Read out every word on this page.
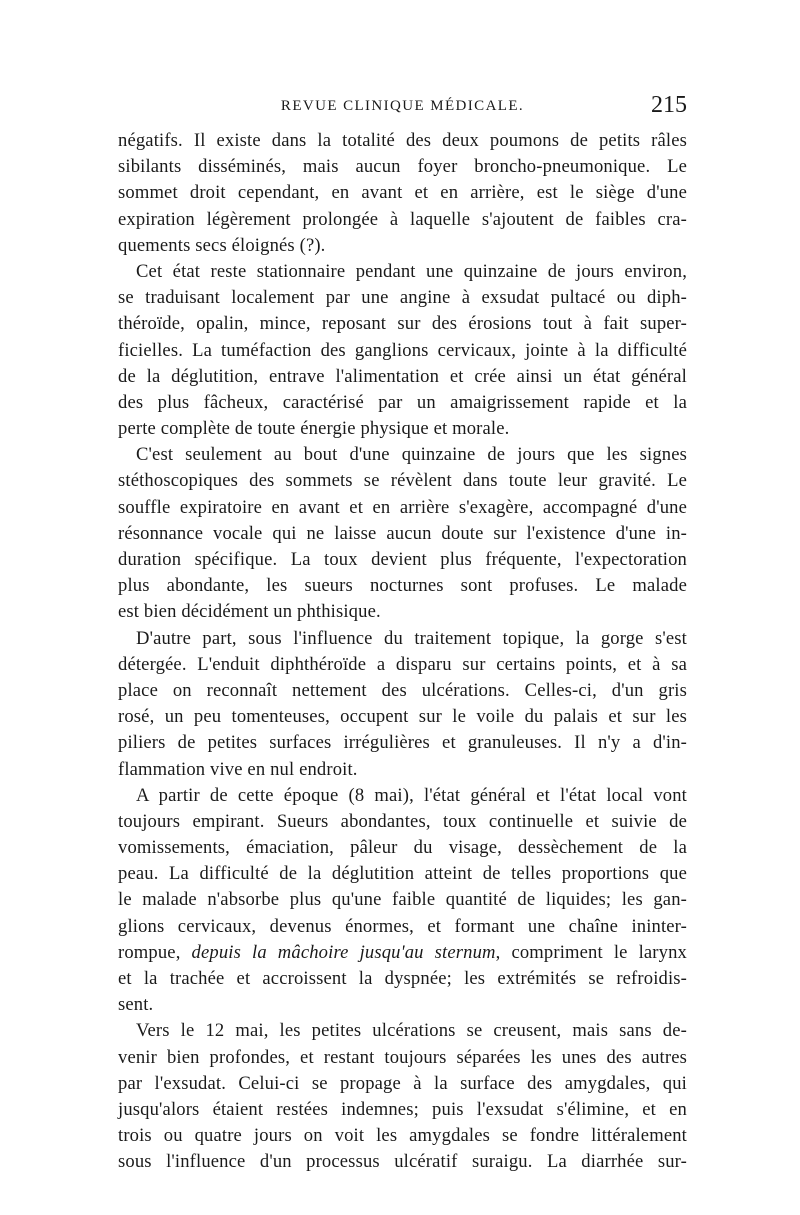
REVUE CLINIQUE MÉDICALE.	215
négatifs. Il existe dans la totalité des deux poumons de petits râles
sibilants disséminés, mais aucun foyer broncho-pneumonique. Le
sommet droit cependant, en avant et en arrière, est le siège d'une
expiration légèrement prolongée à laquelle s'ajoutent de faibles cra-
quements secs éloignés (?).
Cet état reste stationnaire pendant une quinzaine de jours environ,
se traduisant localement par une angine à exsudat pultacé ou diph-
théroïde, opalin, mince, reposant sur des érosions tout à fait super-
ficielles. La tuméfaction des ganglions cervicaux, jointe à la difficulté
de la déglutition, entrave l'alimentation et crée ainsi un état général
des plus fâcheux, caractérisé par un amaigrissement rapide et la
perte complète de toute énergie physique et morale.
C'est seulement au bout d'une quinzaine de jours que les signes
stéthoscopiques des sommets se révèlent dans toute leur gravité. Le
souffle expiratoire en avant et en arrière s'exagère, accompagné d'une
résonnance vocale qui ne laisse aucun doute sur l'existence d'une in-
duration spécifique. La toux devient plus fréquente, l'expectoration
plus abondante, les sueurs nocturnes sont profuses. Le malade
est bien décidément un phthisique.
D'autre part, sous l'influence du traitement topique, la gorge s'est
détergée. L'enduit diphthéroïde a disparu sur certains points, et à sa
place on reconnaît nettement des ulcérations. Celles-ci, d'un gris
rosé, un peu tomenteuses, occupent sur le voile du palais et sur les
piliers de petites surfaces irrégulières et granuleuses. Il n'y a d'in-
flammation vive en nul endroit.
A partir de cette époque (8 mai), l'état général et l'état local vont
toujours empirant. Sueurs abondantes, toux continuelle et suivie de
vomissements, émaciation, pâleur du visage, dessèchement de la
peau. La difficulté de la déglutition atteint de telles proportions que
le malade n'absorbe plus qu'une faible quantité de liquides; les gan-
glions cervicaux, devenus énormes, et formant une chaîne ininter-
rompue, depuis la mâchoire jusqu'au sternum, compriment le larynx
et la trachée et accroissent la dyspnée; les extrémités se refroidis-
sent.
Vers le 12 mai, les petites ulcérations se creusent, mais sans de-
venir bien profondes, et restant toujours séparées les unes des autres
par l'exsudat. Celui-ci se propage à la surface des amygdales, qui
jusqu'alors étaient restées indemnes; puis l'exsudat s'élimine, et en
trois ou quatre jours on voit les amygdales se fondre littéralement
sous l'influence d'un processus ulcératif suraigu. La diarrhée sur-
